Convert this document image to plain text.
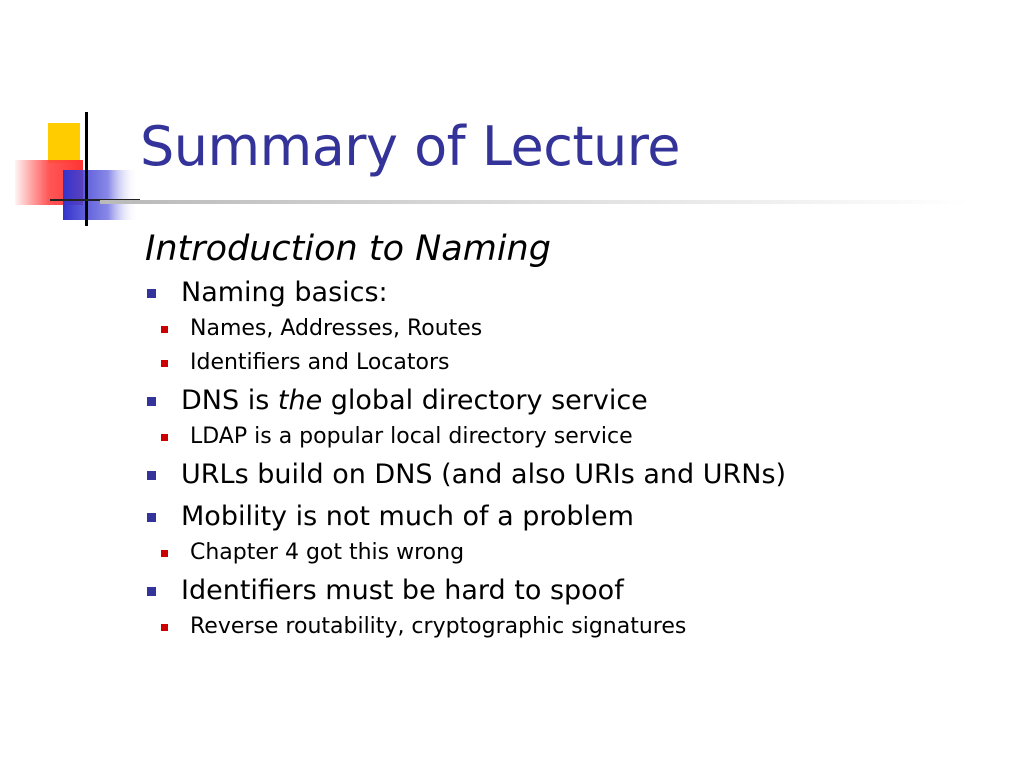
Summary of Lecture

Introduction to Naming

Naming basics:
Names, Addresses, Routes
Identifiers and Locators
DNS is the global directory service
LDAP is a popular local directory service
URLs build on DNS (and also URIs and URNs)
Mobility is not much of a problem
Chapter 4 got this wrong
Identifiers must be hard to spoof
Reverse routability, cryptographic signatures
